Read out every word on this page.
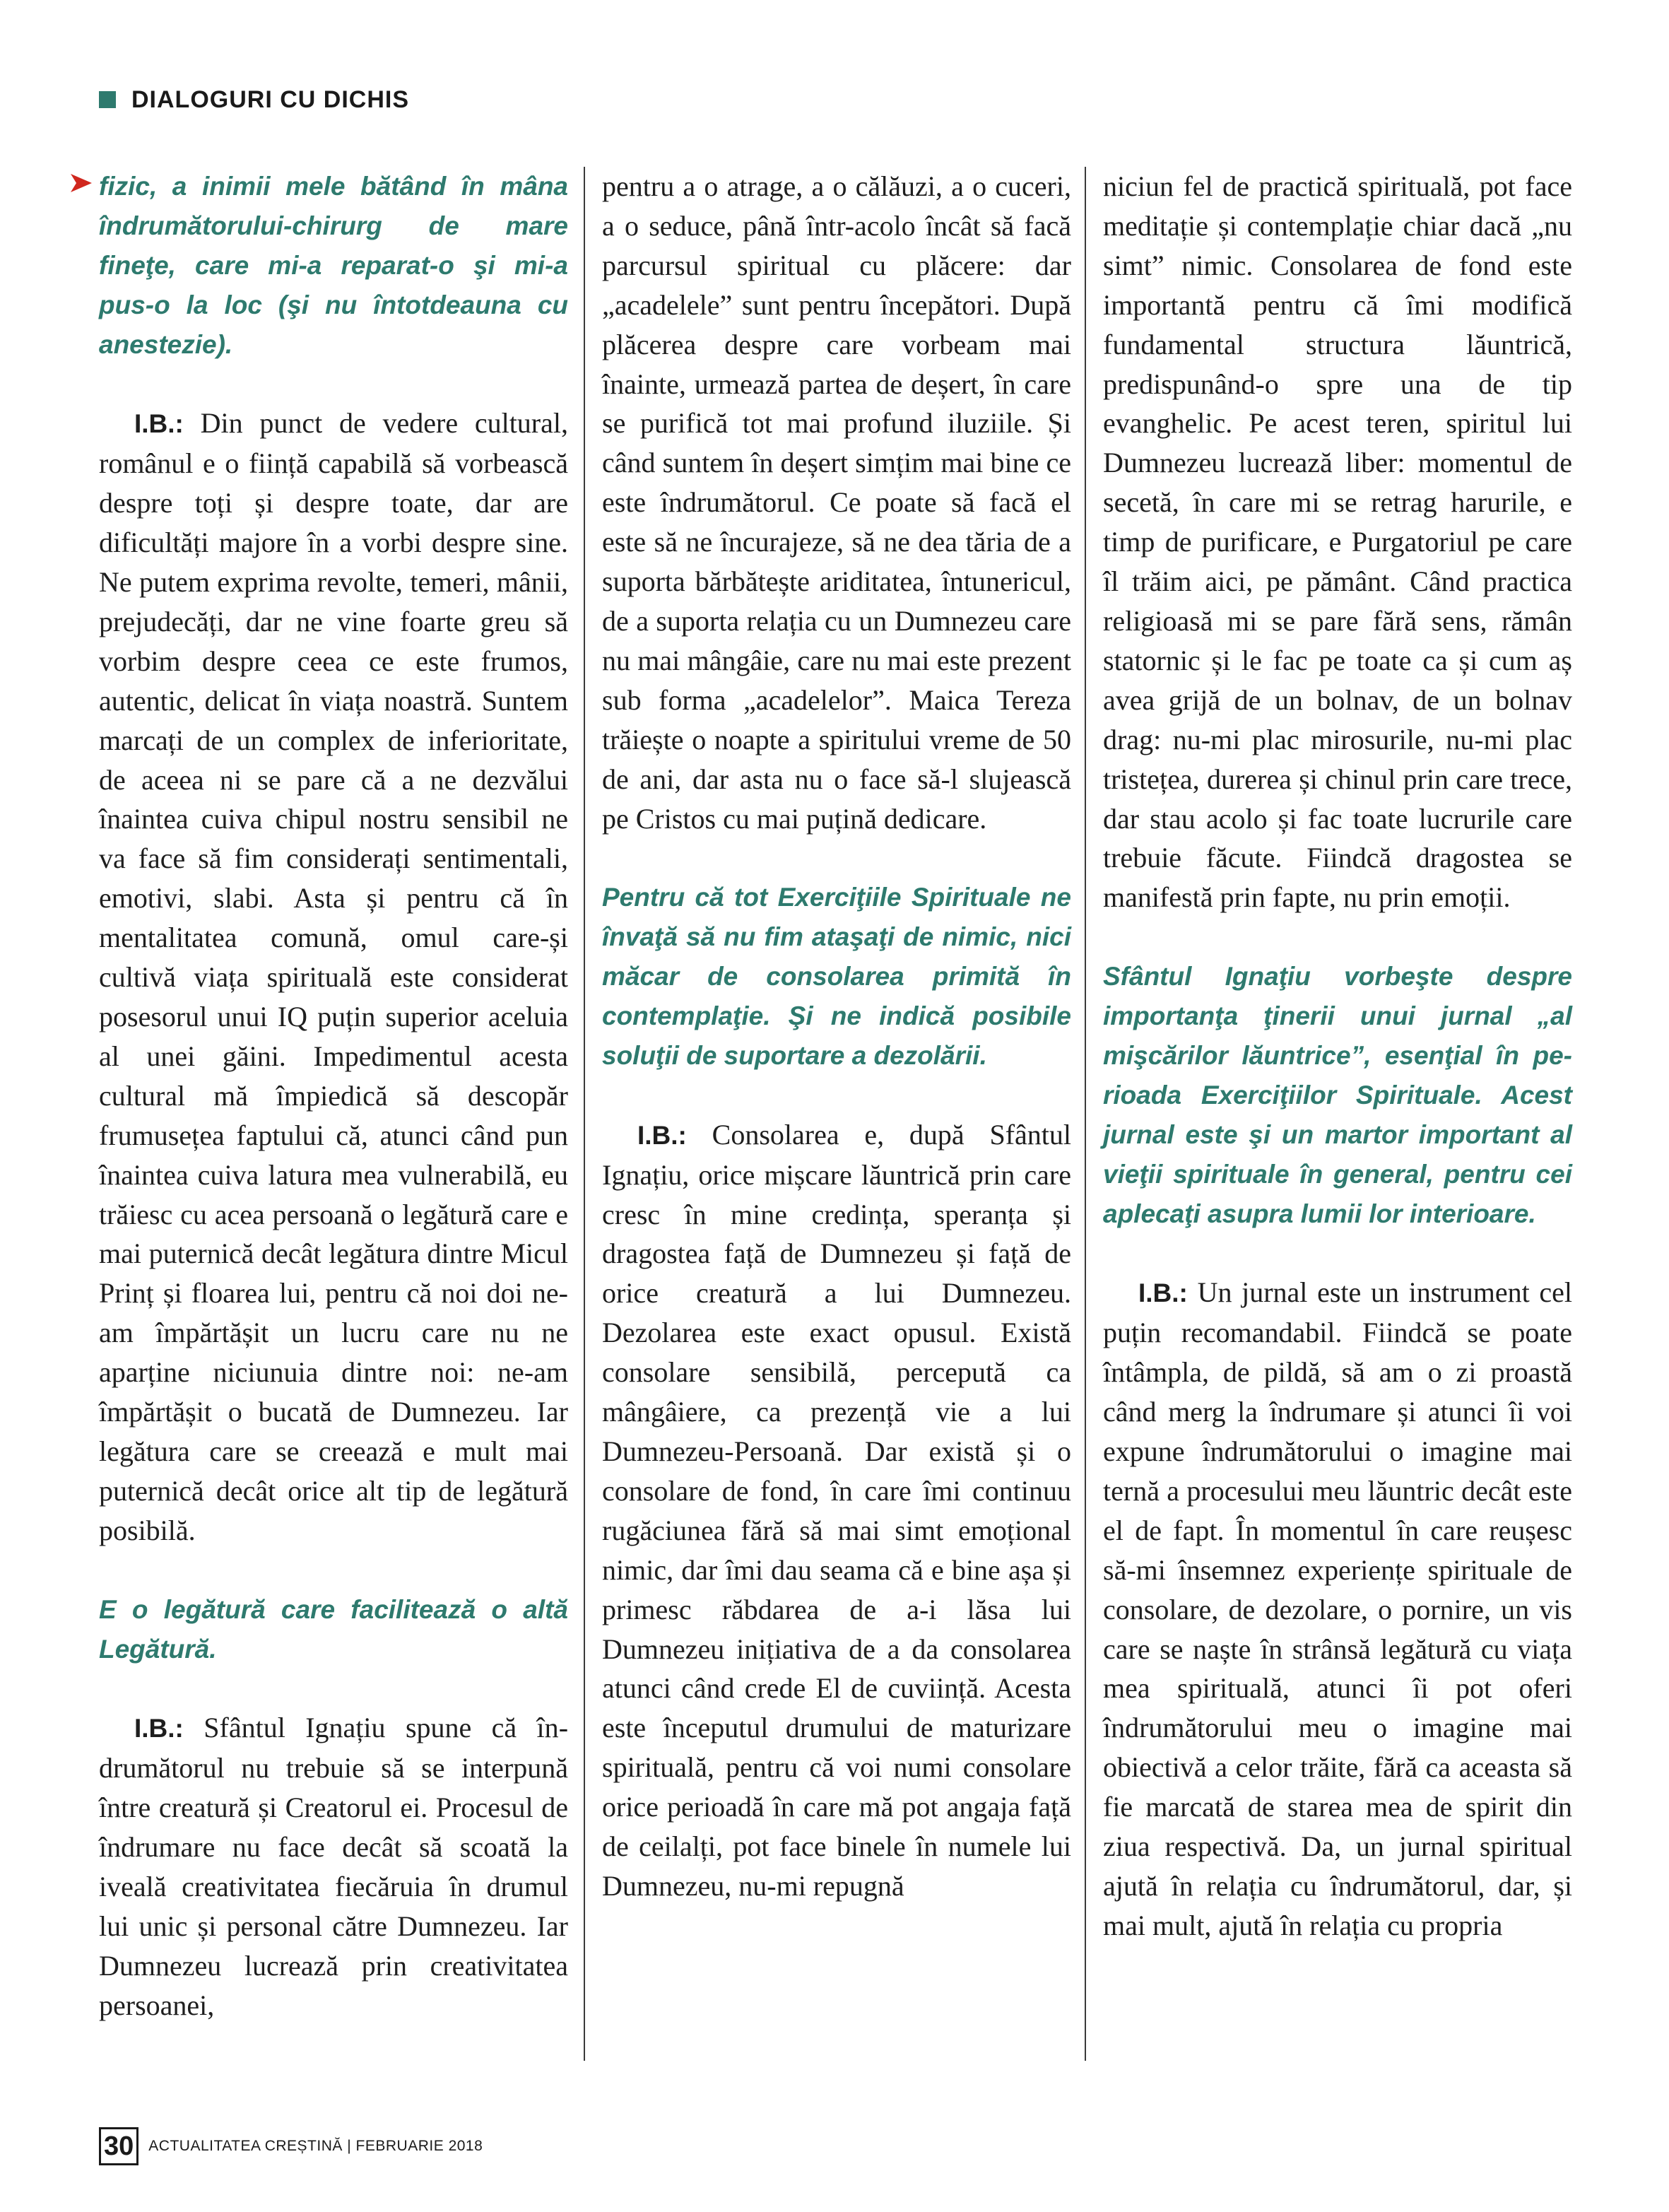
DIALOGURI CU DICHIS

fizic, a inimii mele bătând în mâna îndrumătorului-chirurg de mare fineţe, care mi-a reparat-o şi mi-a pus-o la loc (şi nu întotdeauna cu anestezie).

I.B.: Din punct de vedere cultural, românul e o ființă capabilă să vorbească despre toți și despre toate, dar are dificultăți majore în a vorbi despre sine. Ne putem exprima revolte, temeri, mânii, prejudecăți, dar ne vine foarte greu să vorbim despre ceea ce este frumos, autentic, delicat în viața noastră. Suntem marcați de un complex de inferioritate, de aceea ni se pare că a ne dezvălui înaintea cuiva chipul nostru sensibil ne va face să fim considerați sentimentali, emotivi, slabi. Asta și pentru că în mentalitatea comună, omul care-și cultivă viața spirituală este considerat posesorul unui IQ puțin superior aceluia al unei găini. Impedimentul acesta cultural mă împiedică să descopăr frumusețea faptului că, atunci când pun înaintea cuiva latura mea vulnerabilă, eu trăiesc cu acea persoană o legătură care e mai puternică decât legătura dintre Micul Prinț și floarea lui, pentru că noi doi ne-am împărtășit un lucru care nu ne aparține niciunuia dintre noi: ne-am împărtășit o bucată de Dumnezeu. Iar legătura care se creează e mult mai puternică decât orice alt tip de legătură posibilă.

E o legătură care facilitează o altă Legătură.

I.B.: Sfântul Ignațiu spune că îndrumătorul nu trebuie să se interpună între creatură și Creatorul ei. Procesul de îndrumare nu face decât să scoată la iveală creativitatea fiecăruia în drumul lui unic și personal către Dumnezeu. Iar Dumnezeu lucrează prin creativitatea persoanei,

pentru a o atrage, a o călăuzi, a o cuceri, a o seduce, până într-acolo încât să facă parcursul spiritual cu plăcere: dar „acadelele” sunt pentru începători. După plăcerea despre care vorbeam mai înainte, urmează partea de deșert, în care se purifică tot mai profund iluziile. Și când suntem în deșert simțim mai bine ce este îndrumătorul. Ce poate să facă el este să ne încurajeze, să ne dea tăria de a suporta bărbătește ariditatea, întunericul, de a suporta relația cu un Dumnezeu care nu mai mângâie, care nu mai este prezent sub forma „acadelelor”. Maica Tereza trăiește o noapte a spiritului vreme de 50 de ani, dar asta nu o face să-l slujească pe Cristos cu mai puțină dedicare.

Pentru că tot Exerciţiile Spirituale ne învaţă să nu fim ataşaţi de nimic, nici măcar de consolarea primită în contemplaţie. Şi ne indică posibile soluţii de suportare a dezolării.

I.B.: Consolarea e, după Sfântul Ignațiu, orice mișcare lăuntrică prin care cresc în mine credința, speranța și dragostea față de Dumnezeu și față de orice creatură a lui Dumnezeu. Dezolarea este exact opusul. Există consolare sensibilă, percepută ca mângâiere, ca prezență vie a lui Dumnezeu-Persoană. Dar există și o consolare de fond, în care îmi continuu rugăciunea fără să mai simt emoțional nimic, dar îmi dau seama că e bine așa și primesc răbdarea de a-i lăsa lui Dumnezeu inițiativa de a da consolarea atunci când crede El de cuviință. Acesta este începutul drumului de maturizare spirituală, pentru că voi numi consolare orice perioadă în care mă pot angaja față de ceilalți, pot face binele în numele lui Dumnezeu, nu-mi repugnă

niciun fel de practică spirituală, pot face meditație și contemplație chiar dacă „nu simt” nimic. Consolarea de fond este importantă pentru că îmi modifică fundamental structura lăuntrică, predispunând-o spre una de tip evanghelic. Pe acest teren, spiritul lui Dumnezeu lucrează liber: momentul de secetă, în care mi se retrag harurile, e timp de purificare, e Purgatoriul pe care îl trăim aici, pe pământ. Când practica religioasă mi se pare fără sens, rămân statornic și le fac pe toate ca și cum aș avea grijă de un bolnav, de un bolnav drag: nu-mi plac mirosurile, nu-mi plac tristețea, durerea și chinul prin care trece, dar stau acolo și fac toate lucrurile care trebuie făcute. Fiindcă dragostea se manifestă prin fapte, nu prin emoții.

Sfântul Ignaţiu vorbeşte despre importanţa ţinerii unui jurnal „al mişcărilor lăuntrice”, esenţial în perioada Exerciţiilor Spirituale. Acest jurnal este şi un martor important al vieţii spirituale în general, pentru cei aplecaţi asupra lumii lor interioare.

I.B.: Un jurnal este un instrument cel puțin recomandabil. Fiindcă se poate întâmpla, de pildă, să am o zi proastă când merg la îndrumare și atunci îi voi expune îndrumătorului o imagine mai ternă a procesului meu lăuntric decât este el de fapt. În momentul în care reușesc să-mi însemnez experiențe spirituale de consolare, de dezolare, o pornire, un vis care se naște în strânsă legătură cu viața mea spirituală, atunci îi pot oferi îndrumătorului meu o imagine mai obiectivă a celor trăite, fără ca aceasta să fie marcată de starea mea de spirit din ziua respectivă. Da, un jurnal spiritual ajută în relația cu îndrumătorul, dar, și mai mult, ajută în relația cu propria

30	ACTUALITATEA CREȘTINĂ | FEBRUARIE 2018
